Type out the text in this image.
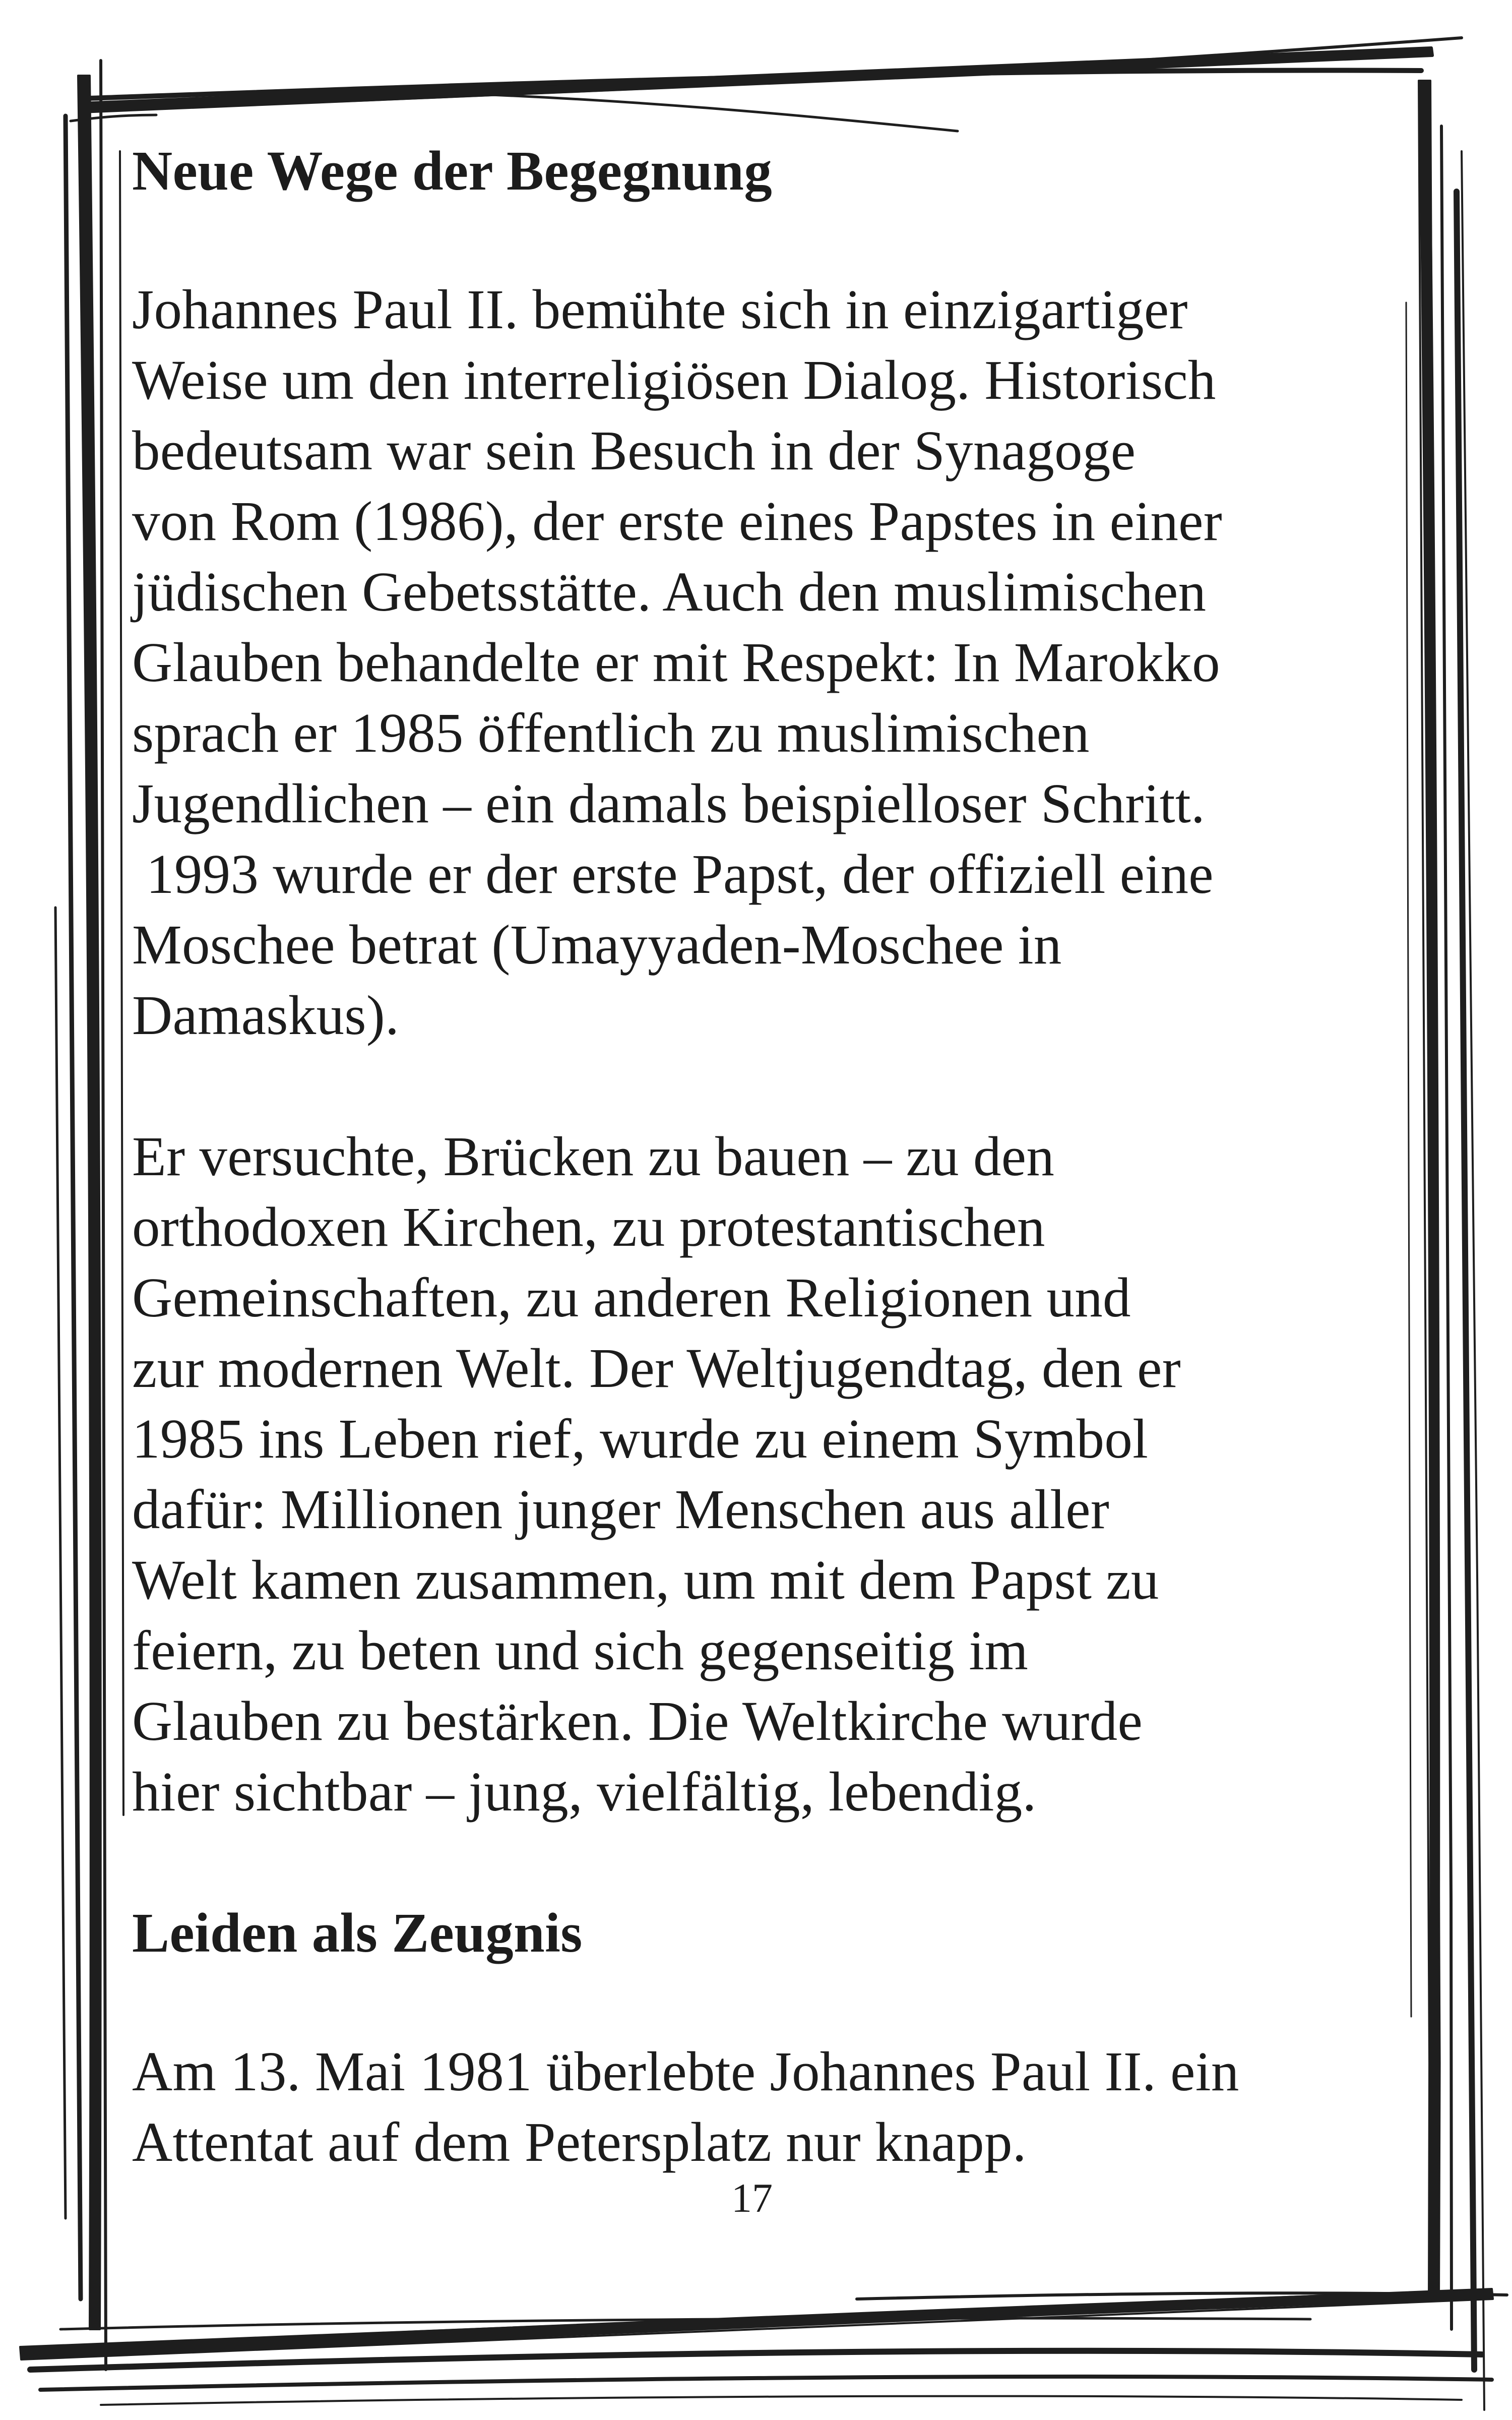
Neue Wege der Begegnung
Johannes Paul II. bemühte sich in einzigartiger
Weise um den interreligiösen Dialog. Historisch
bedeutsam war sein Besuch in der Synagoge
von Rom (1986), der erste eines Papstes in einer
jüdischen Gebetsstätte. Auch den muslimischen
Glauben behandelte er mit Respekt: In Marokko
sprach er 1985 öffentlich zu muslimischen
Jugendlichen – ein damals beispielloser Schritt.
1993 wurde er der erste Papst, der offiziell eine
Moschee betrat (Umayyaden-Moschee in
Damaskus).
Er versuchte, Brücken zu bauen – zu den
orthodoxen Kirchen, zu protestantischen
Gemeinschaften, zu anderen Religionen und
zur modernen Welt. Der Weltjugendtag, den er
1985 ins Leben rief, wurde zu einem Symbol
dafür: Millionen junger Menschen aus aller
Welt kamen zusammen, um mit dem Papst zu
feiern, zu beten und sich gegenseitig im
Glauben zu bestärken. Die Weltkirche wurde
hier sichtbar – jung, vielfältig, lebendig.
Leiden als Zeugnis
Am 13. Mai 1981 überlebte Johannes Paul II. ein
Attentat auf dem Petersplatz nur knapp.
17
